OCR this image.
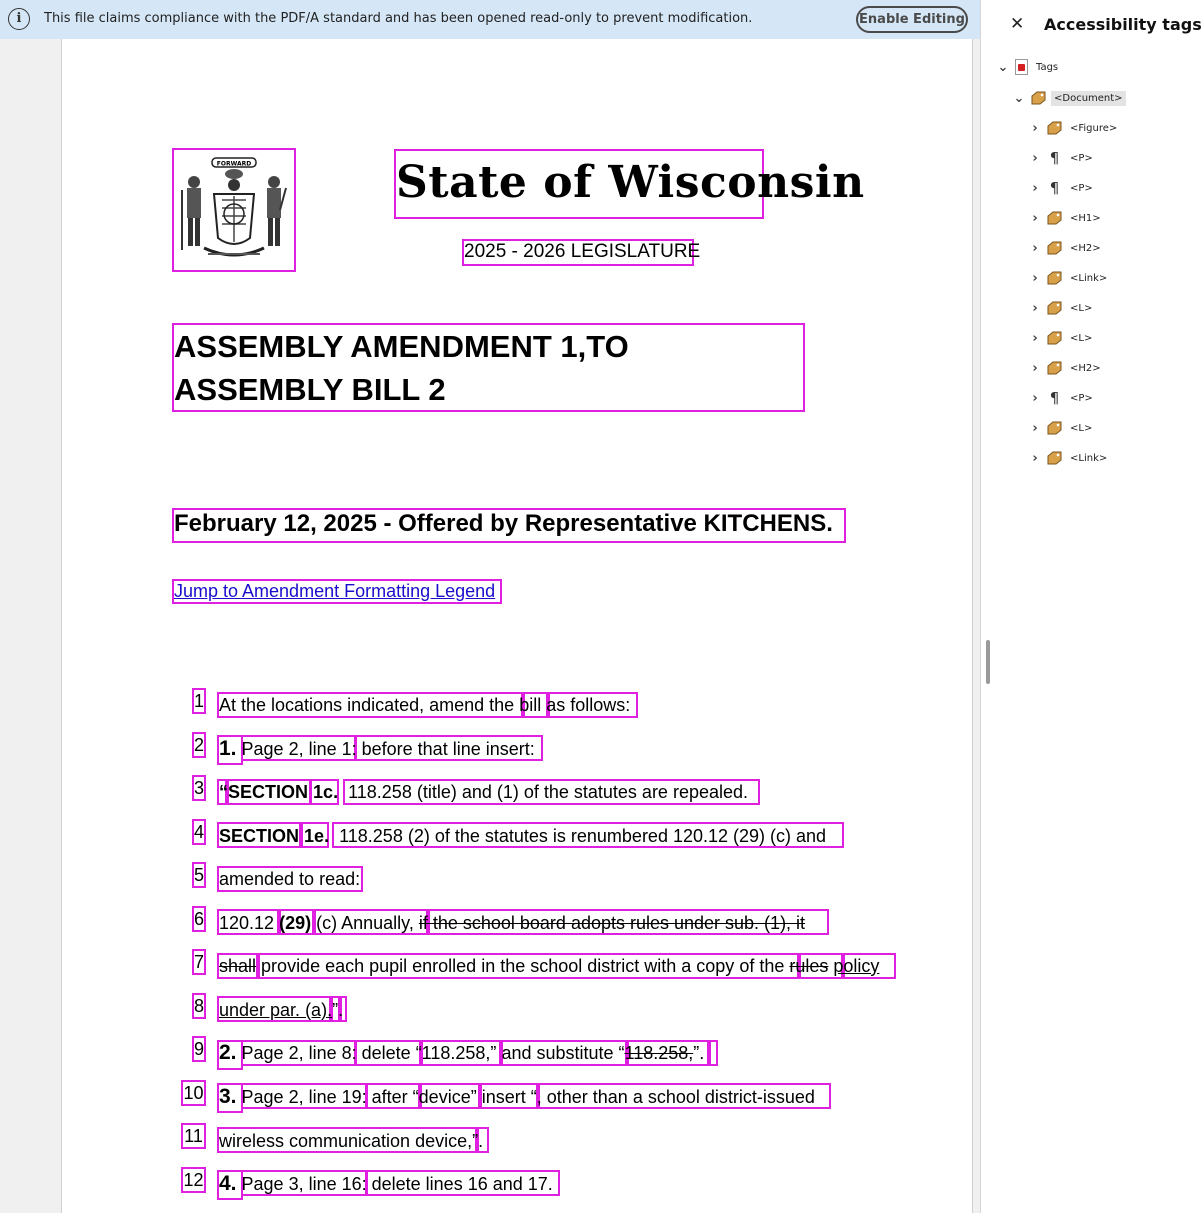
i	This file claims compliance with the PDF/A standard and has been opened read-only to prevent modification.	Enable Editing
FORWARD	State of Wisconsin
2025 - 2026 LEGISLATURE
ASSEMBLY AMENDMENT 1,TO ASSEMBLY BILL 2
February 12, 2025 - Offered by Representative KITCHENS.
Jump to Amendment Formatting Legend
1
2
3
4
5
6
7
8
9
10
11
12
At the locations indicated, amend the bill as follows:
1. Page 2, line 1: before that line insert:
“SECTION 1c. 118.258 (title) and (1) of the statutes are repealed.
SECTION 1e. 118.258 (2) of the statutes is renumbered 120.12 (29) (c) and
amended to read:
120.12 (29) (c) Annually, if the school board adopts rules under sub. (1), it
shall provide each pupil enrolled in the school district with a copy of the rules policy
under par. (a).”.
2. Page 2, line 8: delete “118.258,” and substitute “118.258,”.
3. Page 2, line 19: after “device” insert “, other than a school district-issued
wireless communication device,”.
4. Page 3, line 16: delete lines 16 and 17.
✕ Accessibility tags
⌄	Tags
⌄	<Document>
›	<Figure>
› ¶	<P>
› ¶	<P>
›	<H1>
›	<H2>
›	<Link>
›	<L>
›	<L>
›	<H2>
› ¶	<P>
›	<L>
›	<Link>
